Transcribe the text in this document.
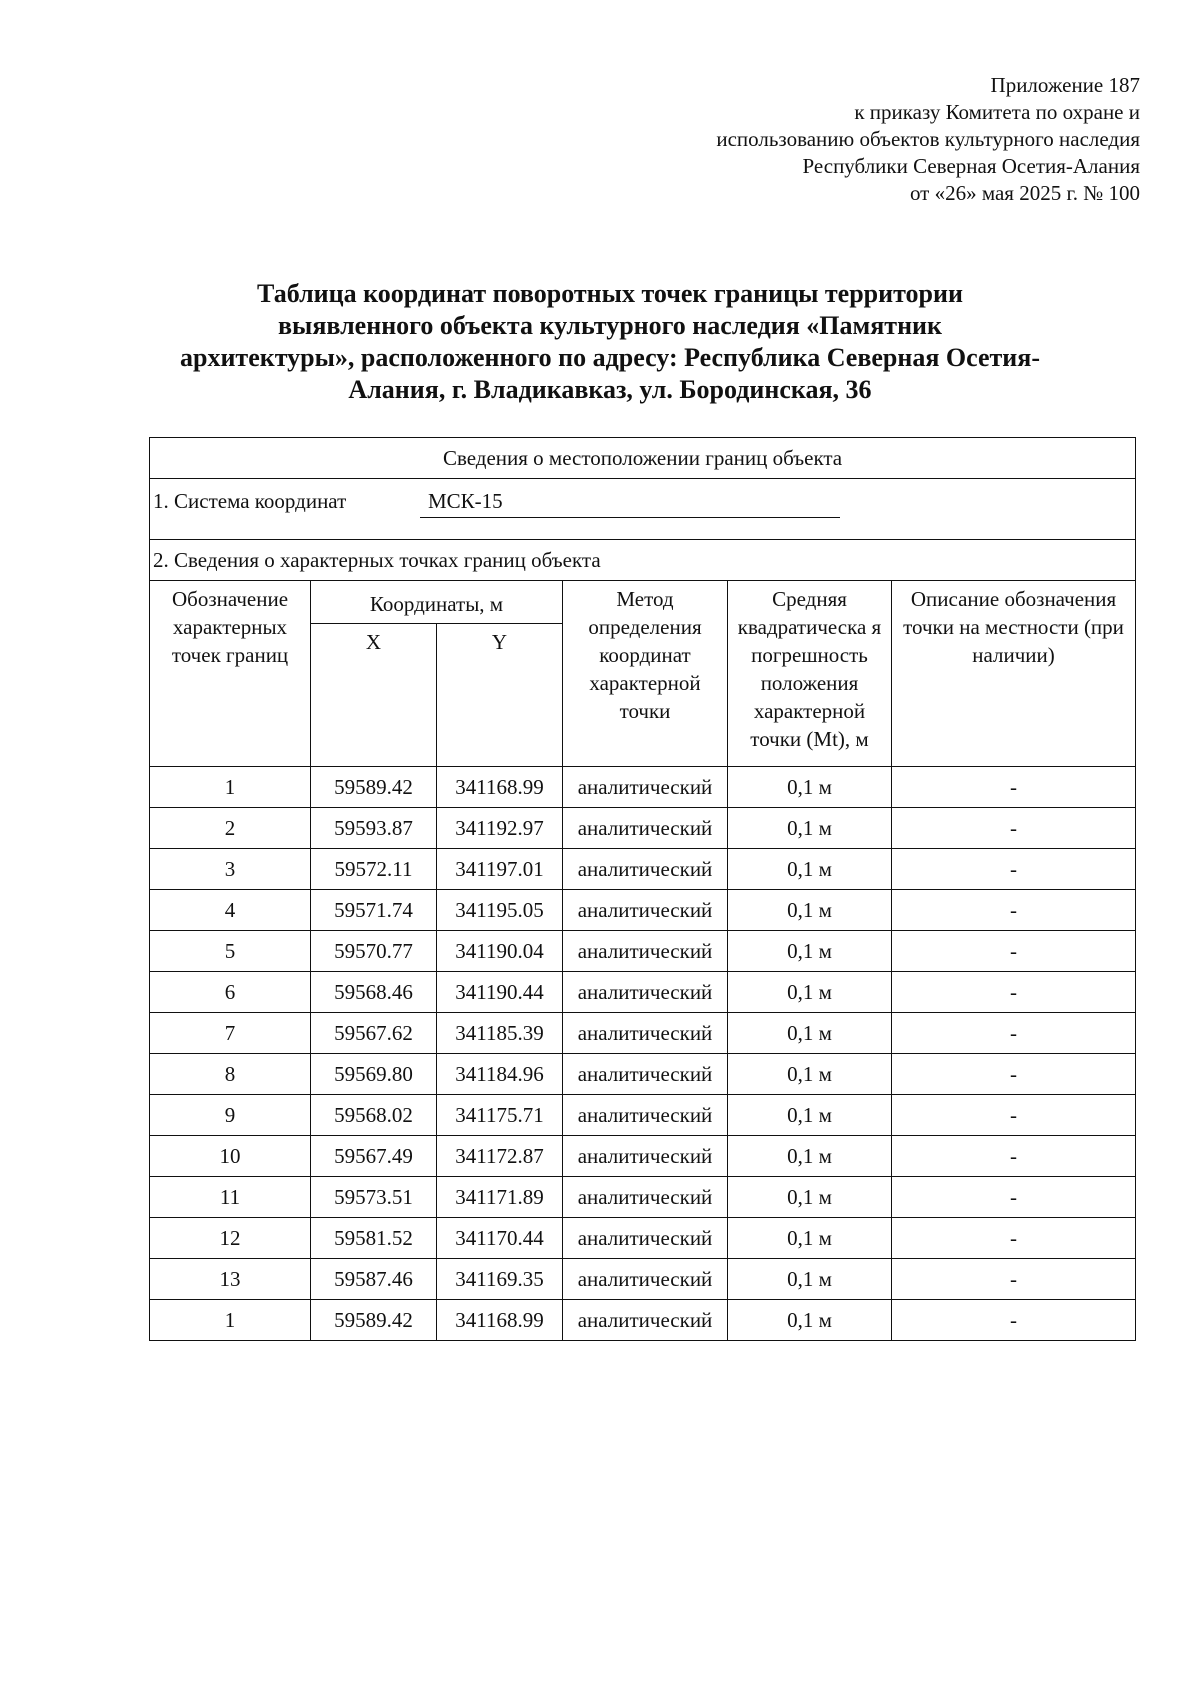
Приложение 187
к приказу Комитета по охране и
использованию объектов культурного наследия
Республики Северная Осетия-Алания
от «26» мая 2025 г. № 100
Таблица координат поворотных точек границы территории
выявленного объекта культурного наследия «Памятник
архитектуры», расположенного по адресу: Республика Северная Осетия-
Алания, г. Владикавказ, ул. Бородинская, 36
Сведения о местоположении границ объекта					

1. Система координат МСК-15					

2. Сведения о характерных точках границ объекта					
Обозначение характерных точек границ	Координаты, м		Метод определения координат характерной точки	Средняя квадратическа я погрешность положения характерной точки (Mt), м	Описание обозначения точки на местности (при наличии)
	X	Y			
1	59589.42	341168.99	аналитический	0,1 м	-
2	59593.87	341192.97	аналитический	0,1 м	-
3	59572.11	341197.01	аналитический	0,1 м	-
4	59571.74	341195.05	аналитический	0,1 м	-
5	59570.77	341190.04	аналитический	0,1 м	-
6	59568.46	341190.44	аналитический	0,1 м	-
7	59567.62	341185.39	аналитический	0,1 м	-
8	59569.80	341184.96	аналитический	0,1 м	-
9	59568.02	341175.71	аналитический	0,1 м	-
10	59567.49	341172.87	аналитический	0,1 м	-
11	59573.51	341171.89	аналитический	0,1 м	-
12	59581.52	341170.44	аналитический	0,1 м	-
13	59587.46	341169.35	аналитический	0,1 м	-
1	59589.42	341168.99	аналитический	0,1 м	-
